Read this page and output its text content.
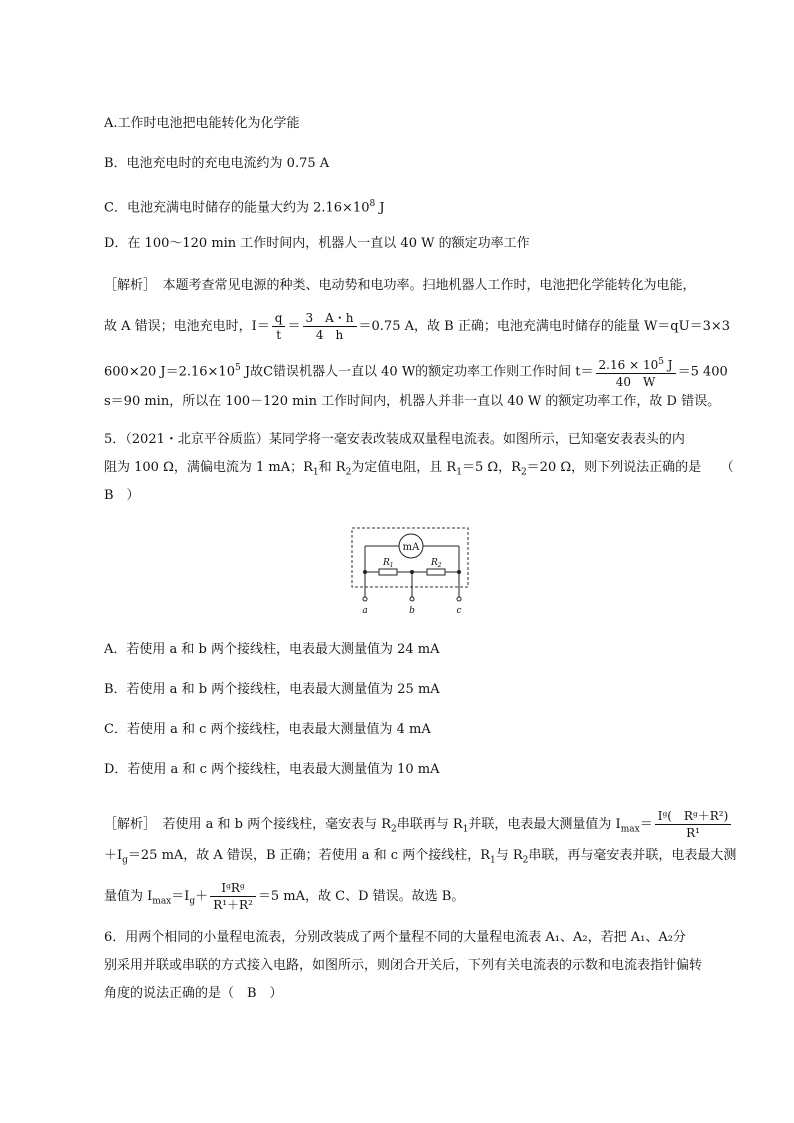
A.工作时电池把电能转化为化学能
B．电池充电时的充电电流约为 0.75 A
C．电池充满电时储存的能量大约为 $2.16\times 10^8$ J
D．在 100～120 min 工作时间内，机器人一直以 40 W 的额定功率工作
［解析］　本题考查常见电源的种类、电动势和电功率。扫地机器人工作时，电池把化学能转化为电能，
故 A 错误；电池充电时，$I= \frac{q}{t} = \frac{3 A・h}{4 h} =0.75$ A，故 B 正确；电池充满电时储存的能量 W＝qU＝3×3
600×20 $J=2.16\times 10^5$ J故C错误机器人一直以 40 W的额定功率工作则工作时间 $t= \frac{2.16 \times 10^5 J}{40 W} =5$ 400
s＝90 min，所以在 100－120 min 工作时间内，机器人并非一直以 40 W 的额定功率工作，故 D 错误。
5．（2021・北京平谷质监）某同学将一毫安表改装成双量程电流表。如图所示，已知毫安表表头的内
阻为 100 Ω，满偏电流为 1 mA；$R_1$和 $R_2$为定值电阻，且 $R_1=5$ Ω，$R_2=20$ Ω，则下列说法正确的是　　（
B　）
mA
$R_1$	$R_2$
a	b	c
A．若使用 a 和 b 两个接线柱，电表最大测量值为 24 mA
B．若使用 a 和 b 两个接线柱，电表最大测量值为 25 mA
C．若使用 a 和 c 两个接线柱，电表最大测量值为 4 mA
D．若使用 a 和 c 两个接线柱，电表最大测量值为 10 mA
［解析］　若使用 a 和 b 两个接线柱，毫安表与 $R_2$串联再与 $R_1$并联，电表最大测量值为 $I_{max}= \frac{\text{Iᵍ(　Rᵍ＋R²)}}{\text{R¹}}$
$+I_g=25$ mA，故 A 错误，B 正确；若使用 a 和 c 两个接线柱，$R_1$与 $R_2$串联，再与毫安表并联，电表最大测
量值为 $I_{max}=I_g+ \frac{\text{IᵍRᵍ}}{\text{R¹＋R²}} =5$ mA，故 C、D 错误。故选 B。
6．用两个相同的小量程电流表，分别改装成了两个量程不同的大量程电流表 A₁、A₂，若把 A₁、A₂分
别采用并联或串联的方式接入电路，如图所示，则闭合开关后，下列有关电流表的示数和电流表指针偏转
角度的说法正确的是（　B　）
